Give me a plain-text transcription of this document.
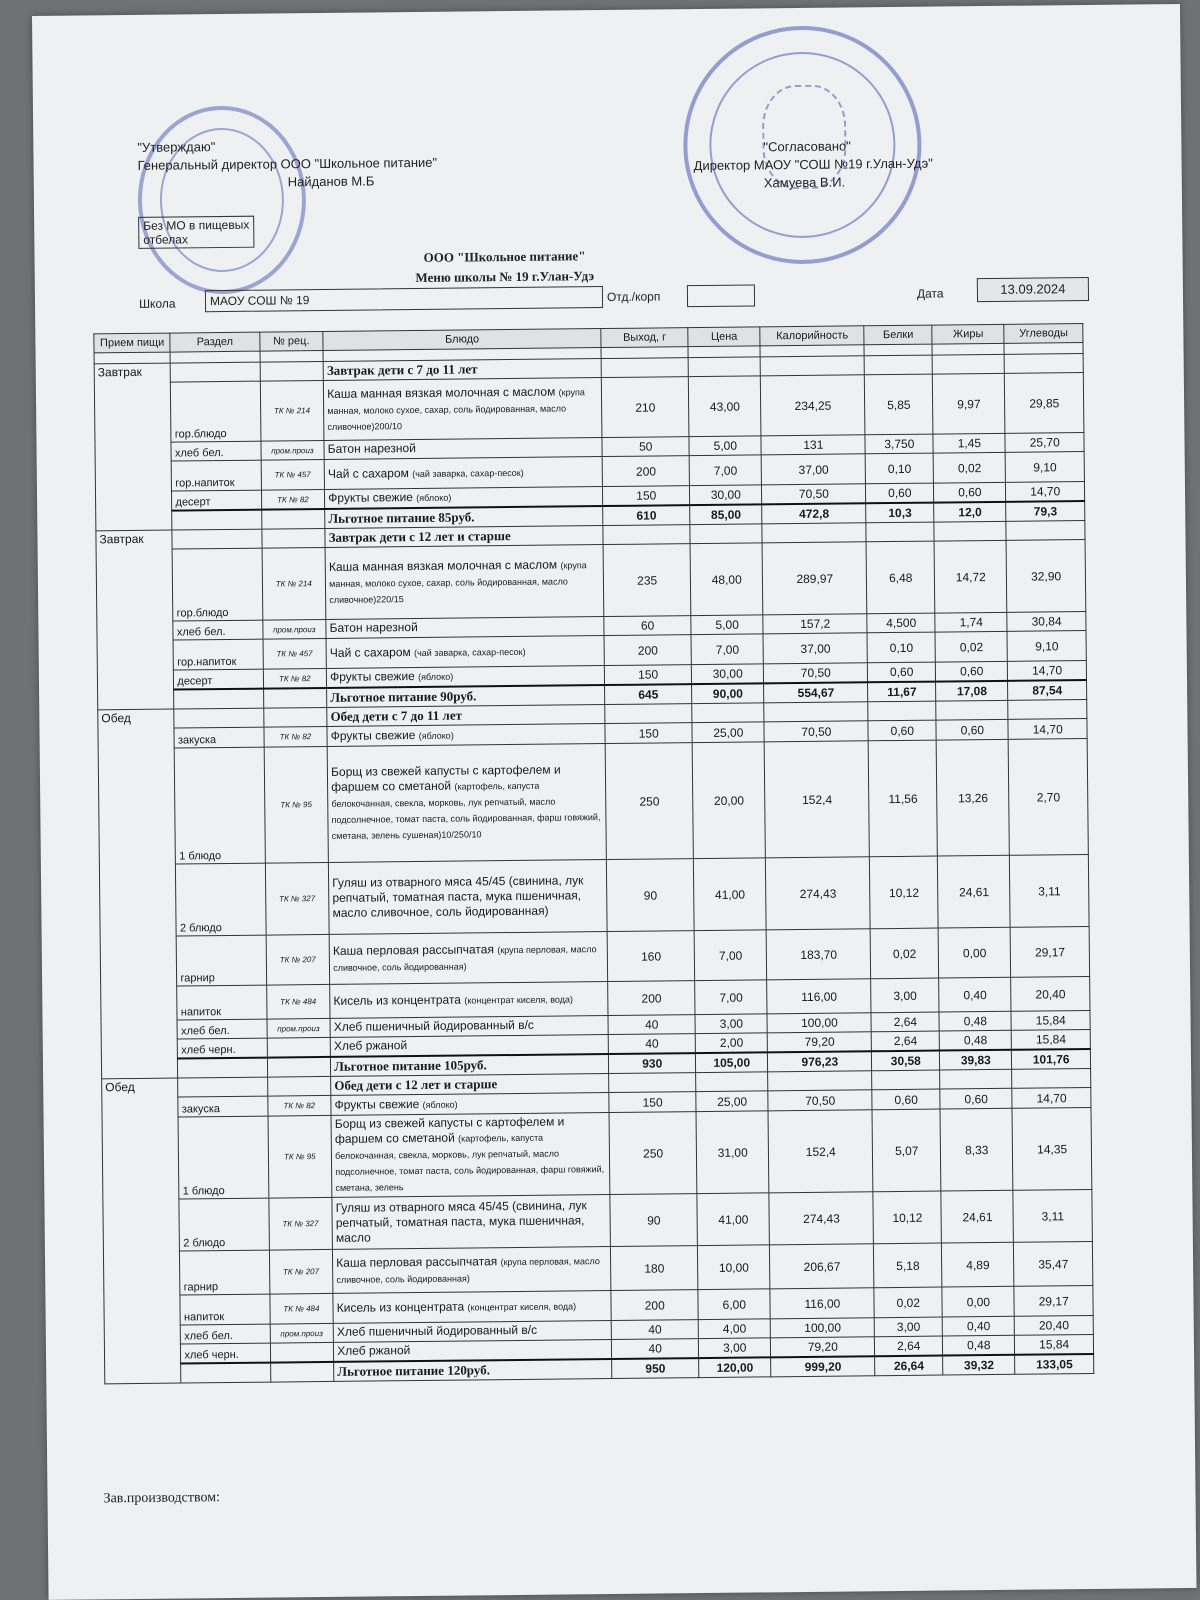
"Утверждаю"
Генеральный директор ООО "Школьное питание"
Найданов М.Б
Без МО в пищевых
отбелах
"Согласовано"
Директор МАОУ "СОШ №19 г.Улан-Удэ"
Хамуева В.И.
ООО "Школьное питание"
Меню школы № 19 г.Улан-Удэ
Школа	МАОУ СОШ № 19	Отд./корп	Дата	13.09.2024
Прием пищи	Раздел	№ рец.	Блюдо	Выход, г	Цена	Калорийность	Белки	Жиры	Углеводы

Завтрак			Завтрак дети с 7 до 11 лет						
	гор.блюдо	ТК № 214	Каша манная вязкая молочная с маслом (крупа манная, молоко сухое, сахар, соль йодированная, масло сливочное)200/10	210	43,00	234,25	5,85	9,97	29,85
	хлеб бел.	пром.произ	Батон нарезной	50	5,00	131	3,750	1,45	25,70
	гор.напиток	ТК № 457	Чай с сахаром (чай заварка, сахар-песок)	200	7,00	37,00	0,10	0,02	9,10
	десерт	ТК № 82	Фрукты свежие (яблоко)	150	30,00	70,50	0,60	0,60	14,70
			Льготное питание 85руб.	610	85,00	472,8	10,3	12,0	79,3
Завтрак			Завтрак дети с 12 лет и старше						
	гор.блюдо	ТК № 214	Каша манная вязкая молочная с маслом (крупа манная, молоко сухое, сахар, соль йодированная, масло сливочное)220/15	235	48,00	289,97	6,48	14,72	32,90
	хлеб бел.	пром.произ	Батон нарезной	60	5,00	157,2	4,500	1,74	30,84
	гор.напиток	ТК № 457	Чай с сахаром (чай заварка, сахар-песок)	200	7,00	37,00	0,10	0,02	9,10
	десерт	ТК № 82	Фрукты свежие (яблоко)	150	30,00	70,50	0,60	0,60	14,70
			Льготное питание 90руб.	645	90,00	554,67	11,67	17,08	87,54
Обед			Обед дети с 7 до 11 лет						
	закуска	ТК № 82	Фрукты свежие (яблоко)	150	25,00	70,50	0,60	0,60	14,70
	1 блюдо	ТК № 95	Борщ из свежей капусты с картофелем и фаршем со сметаной (картофель, капуста белокочанная, свекла, морковь, лук репчатый, масло подсолнечное, томат паста, соль йодированная, фарш говяжий, сметана, зелень сушеная)10/250/10	250	20,00	152,4	11,56	13,26	2,70
	2 блюдо	ТК № 327	Гуляш из отварного мяса 45/45 (свинина, лук репчатый, томатная паста, мука пшеничная, масло сливочное, соль йодированная)	90	41,00	274,43	10,12	24,61	3,11
	гарнир	ТК № 207	Каша перловая рассыпчатая (крупа перловая, масло сливочное, соль йодированная)	160	7,00	183,70	0,02	0,00	29,17
	напиток	ТК № 484	Кисель из концентрата (концентрат киселя, вода)	200	7,00	116,00	3,00	0,40	20,40
	хлеб бел.	пром.произ	Хлеб пшеничный йодированный в/с	40	3,00	100,00	2,64	0,48	15,84
	хлеб черн.		Хлеб ржаной	40	2,00	79,20	2,64	0,48	15,84
			Льготное питание 105руб.	930	105,00	976,23	30,58	39,83	101,76
Обед			Обед дети с 12 лет и старше						
	закуска	ТК № 82	Фрукты свежие (яблоко)	150	25,00	70,50	0,60	0,60	14,70
	1 блюдо	ТК № 95	Борщ из свежей капусты с картофелем и фаршем со сметаной (картофель, капуста белокочанная, свекла, морковь, лук репчатый, масло подсолнечное, томат паста, соль йодированная, фарш говяжий, сметана, зелень	250	31,00	152,4	5,07	8,33	14,35
	2 блюдо	ТК № 327	Гуляш из отварного мяса 45/45 (свинина, лук репчатый, томатная паста, мука пшеничная, масло	90	41,00	274,43	10,12	24,61	3,11
	гарнир	ТК № 207	Каша перловая рассыпчатая (крупа перловая, масло сливочное, соль йодированная)	180	10,00	206,67	5,18	4,89	35,47
	напиток	ТК № 484	Кисель из концентрата (концентрат киселя, вода)	200	6,00	116,00	0,02	0,00	29,17
	хлеб бел.	пром.произ	Хлеб пшеничный йодированный в/с	40	4,00	100,00	3,00	0,40	20,40
	хлеб черн.		Хлеб ржаной	40	3,00	79,20	2,64	0,48	15,84
			Льготное питание 120руб.	950	120,00	999,20	26,64	39,32	133,05
Зав.производством:
